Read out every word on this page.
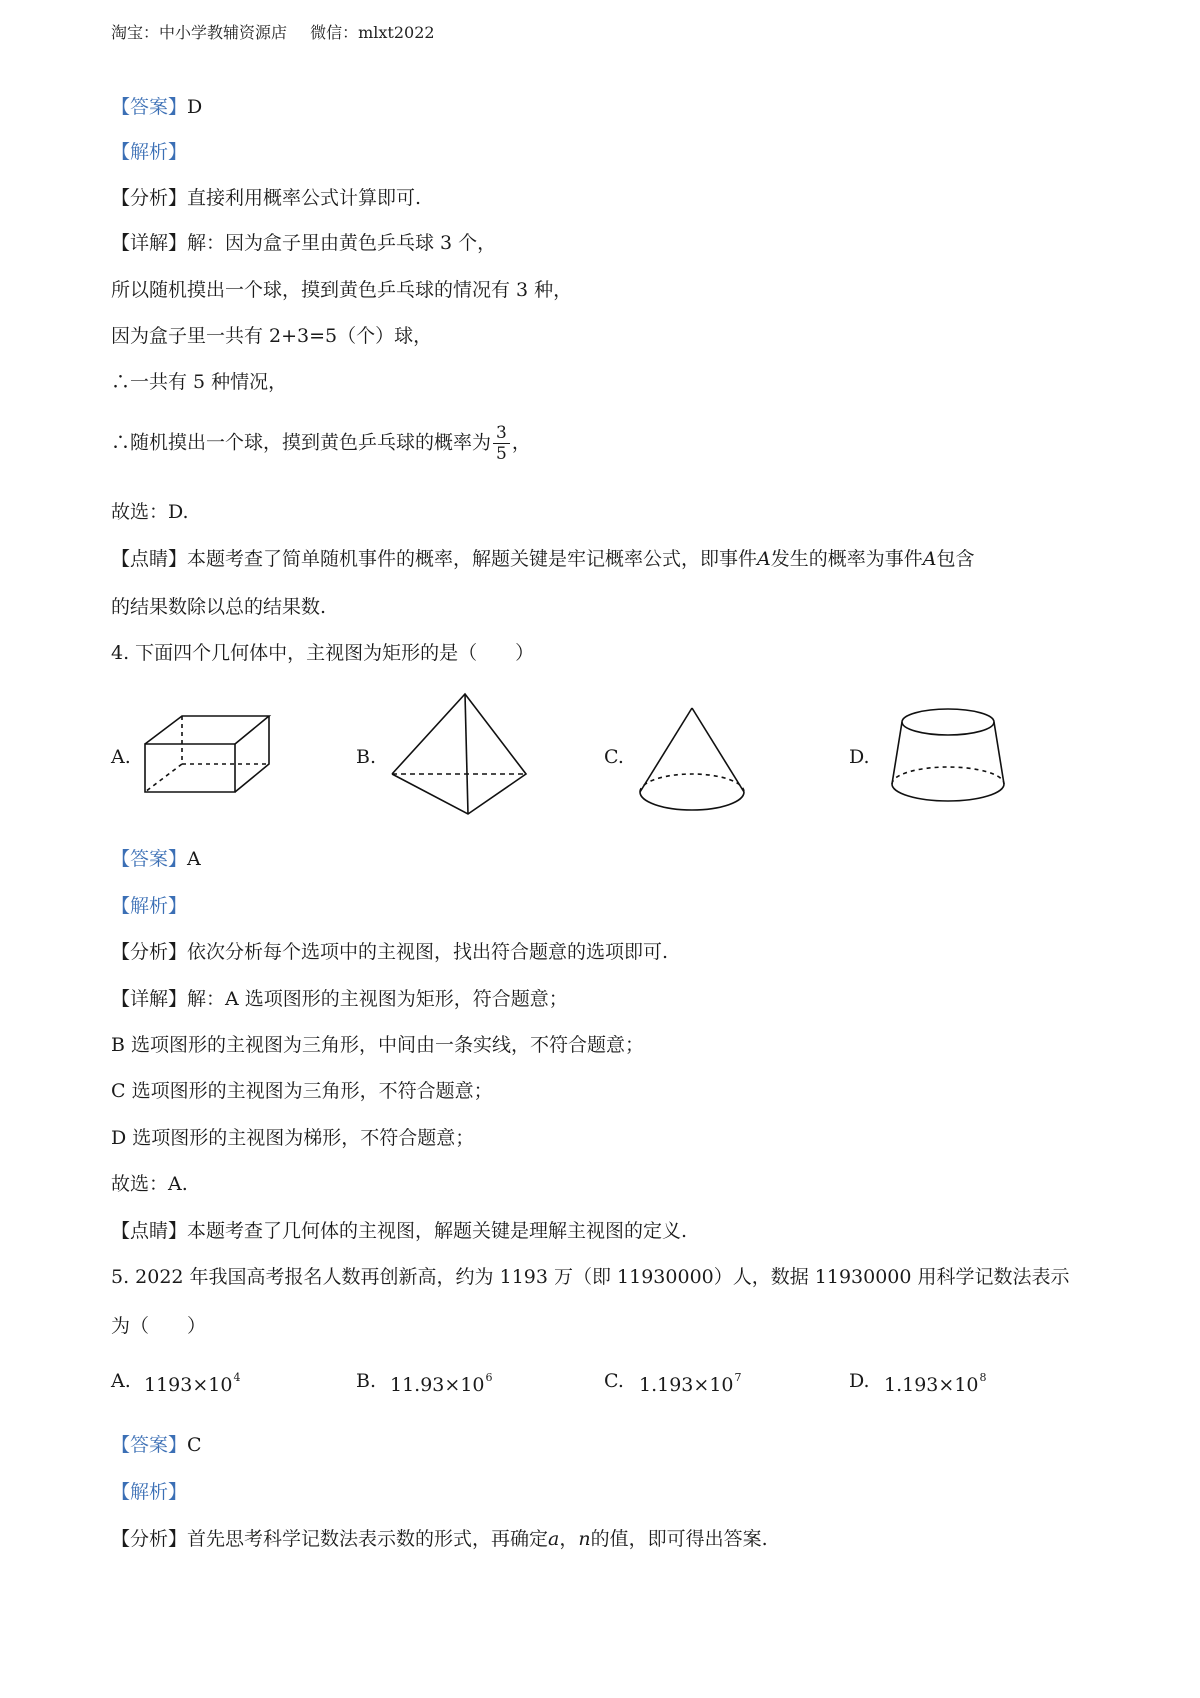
淘宝：中小学教辅资源店 微信：mlxt2022
【答案】D
【解析】
【分析】直接利用概率公式计算即可.
【详解】解：因为盒子里由黄色乒乓球 3 个，
所以随机摸出一个球，摸到黄色乒乓球的情况有 3 种，
因为盒子里一共有 2+3=5（个）球，
∴一共有 5 种情况，
∴随机摸出一个球，摸到黄色乒乓球的概率为 $\frac{3}{5}$ ，
故选：D.
【点睛】本题考查了简单随机事件的概率，解题关键是牢记概率公式，即事件A发生的概率为事件A包含
的结果数除以总的结果数.
4. 下面四个几何体中，主视图为矩形的是（　　）
A.	B.	C.	D.
【答案】A
【解析】
【分析】依次分析每个选项中的主视图，找出符合题意的选项即可.
【详解】解：A 选项图形的主视图为矩形，符合题意；
B 选项图形的主视图为三角形，中间由一条实线，不符合题意；
C 选项图形的主视图为三角形，不符合题意；
D 选项图形的主视图为梯形，不符合题意；
故选：A.
【点睛】本题考查了几何体的主视图，解题关键是理解主视图的定义.
5. 2022 年我国高考报名人数再创新高，约为 1193 万（即 11930000）人，数据 11930000 用科学记数法表示
为（　　）
A. $1193\times 10^4$	B. $11.93\times 10^6$	C. $1.193\times 10^7$	D. $1.193\times 10^8$
【答案】C
【解析】
【分析】首先思考科学记数法表示数的形式，再确定a，n的值，即可得出答案.
